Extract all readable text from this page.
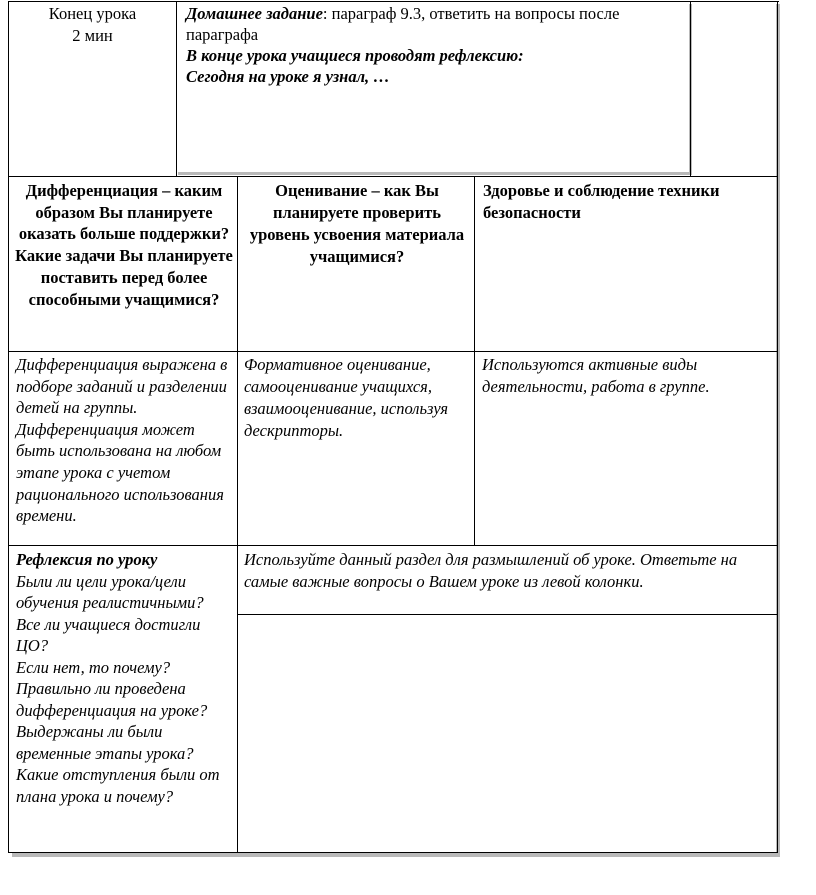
Конец урока
2 мин
Домашнее задание: параграф 9.3, ответить на вопросы после параграфа
В конце урока учащиеся проводят рефлексию:
Сегодня на уроке я узнал, …
Дифференциация – каким образом Вы планируете оказать больше поддержки? Какие задачи Вы планируете поставить перед более способными учащимися?
Оценивание – как Вы планируете проверить уровень усвоения материала учащимися?
Здоровье и соблюдение техники безопасности
Дифференциация выражена в подборе заданий и разделении детей на группы. Дифференциация может быть использована на любом этапе урока с учетом рационального использования времени.
Формативное оценивание, самооценивание учащихся, взаимооценивание, используя дескрипторы.
Используются активные виды деятельности, работа в группе.
Рефлексия по уроку
Были ли цели урока/цели обучения реалистичными?
Все ли учащиеся достигли ЦО?
Если нет, то почему?
Правильно ли проведена дифференциация на уроке?
Выдержаны ли были временные этапы урока?
Какие отступления были от плана урока и почему?
Используйте данный раздел для размышлений об уроке. Ответьте на самые важные вопросы о Вашем уроке из левой колонки.
